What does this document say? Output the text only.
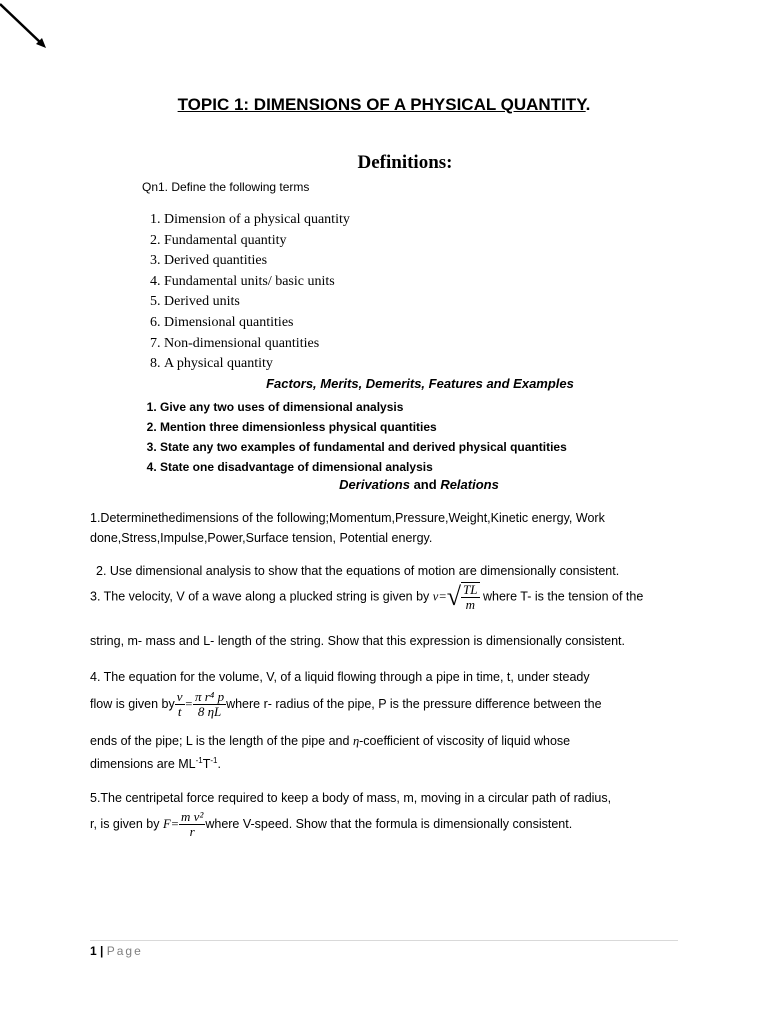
TOPIC 1: DIMENSIONS OF A PHYSICAL QUANTITY.
Definitions:
Qn1. Define the following terms
1. Dimension of a physical quantity
2. Fundamental quantity
3. Derived quantities
4. Fundamental units/ basic units
5. Derived units
6. Dimensional quantities
7. Non-dimensional quantities
8. A physical quantity
Factors, Merits, Demerits, Features and Examples
1. Give any two uses of dimensional analysis
2. Mention three dimensionless physical quantities
3. State any two examples of fundamental and derived physical quantities
4. State one disadvantage of dimensional analysis
Derivations and Relations
1.Determinethedimensions of the following;Momentum,Pressure,Weight,Kinetic energy, Work done,Stress,Impulse,Power,Surface tension, Potential energy.
2. Use dimensional analysis to show that the equations of motion are dimensionally consistent.
3. The velocity, V of a wave along a plucked string is given by $v=√ \frac{TL}{m}$ where T- is the tension of the
string, m- mass and L- length of the string. Show that this expression is dimensionally consistent.
4. The equation for the volume, V, of a liquid flowing through a pipe in time, t, under steady
flow is given by $\frac{v}{t} = \frac{\text{π r⁴ p}}{8 \eta L}$ where r- radius of the pipe, P is the pressure difference between the
ends of the pipe; L is the length of the pipe and η-coefficient of viscosity of liquid whose
dimensions are $ML^{-1}T^{-1}$.
5.The centripetal force required to keep a body of mass, m, moving in a circular path of radius,
r, is given by $F= \frac{\text{m v²}}{r}$ where V-speed. Show that the formula is dimensionally consistent.
1 | Page
